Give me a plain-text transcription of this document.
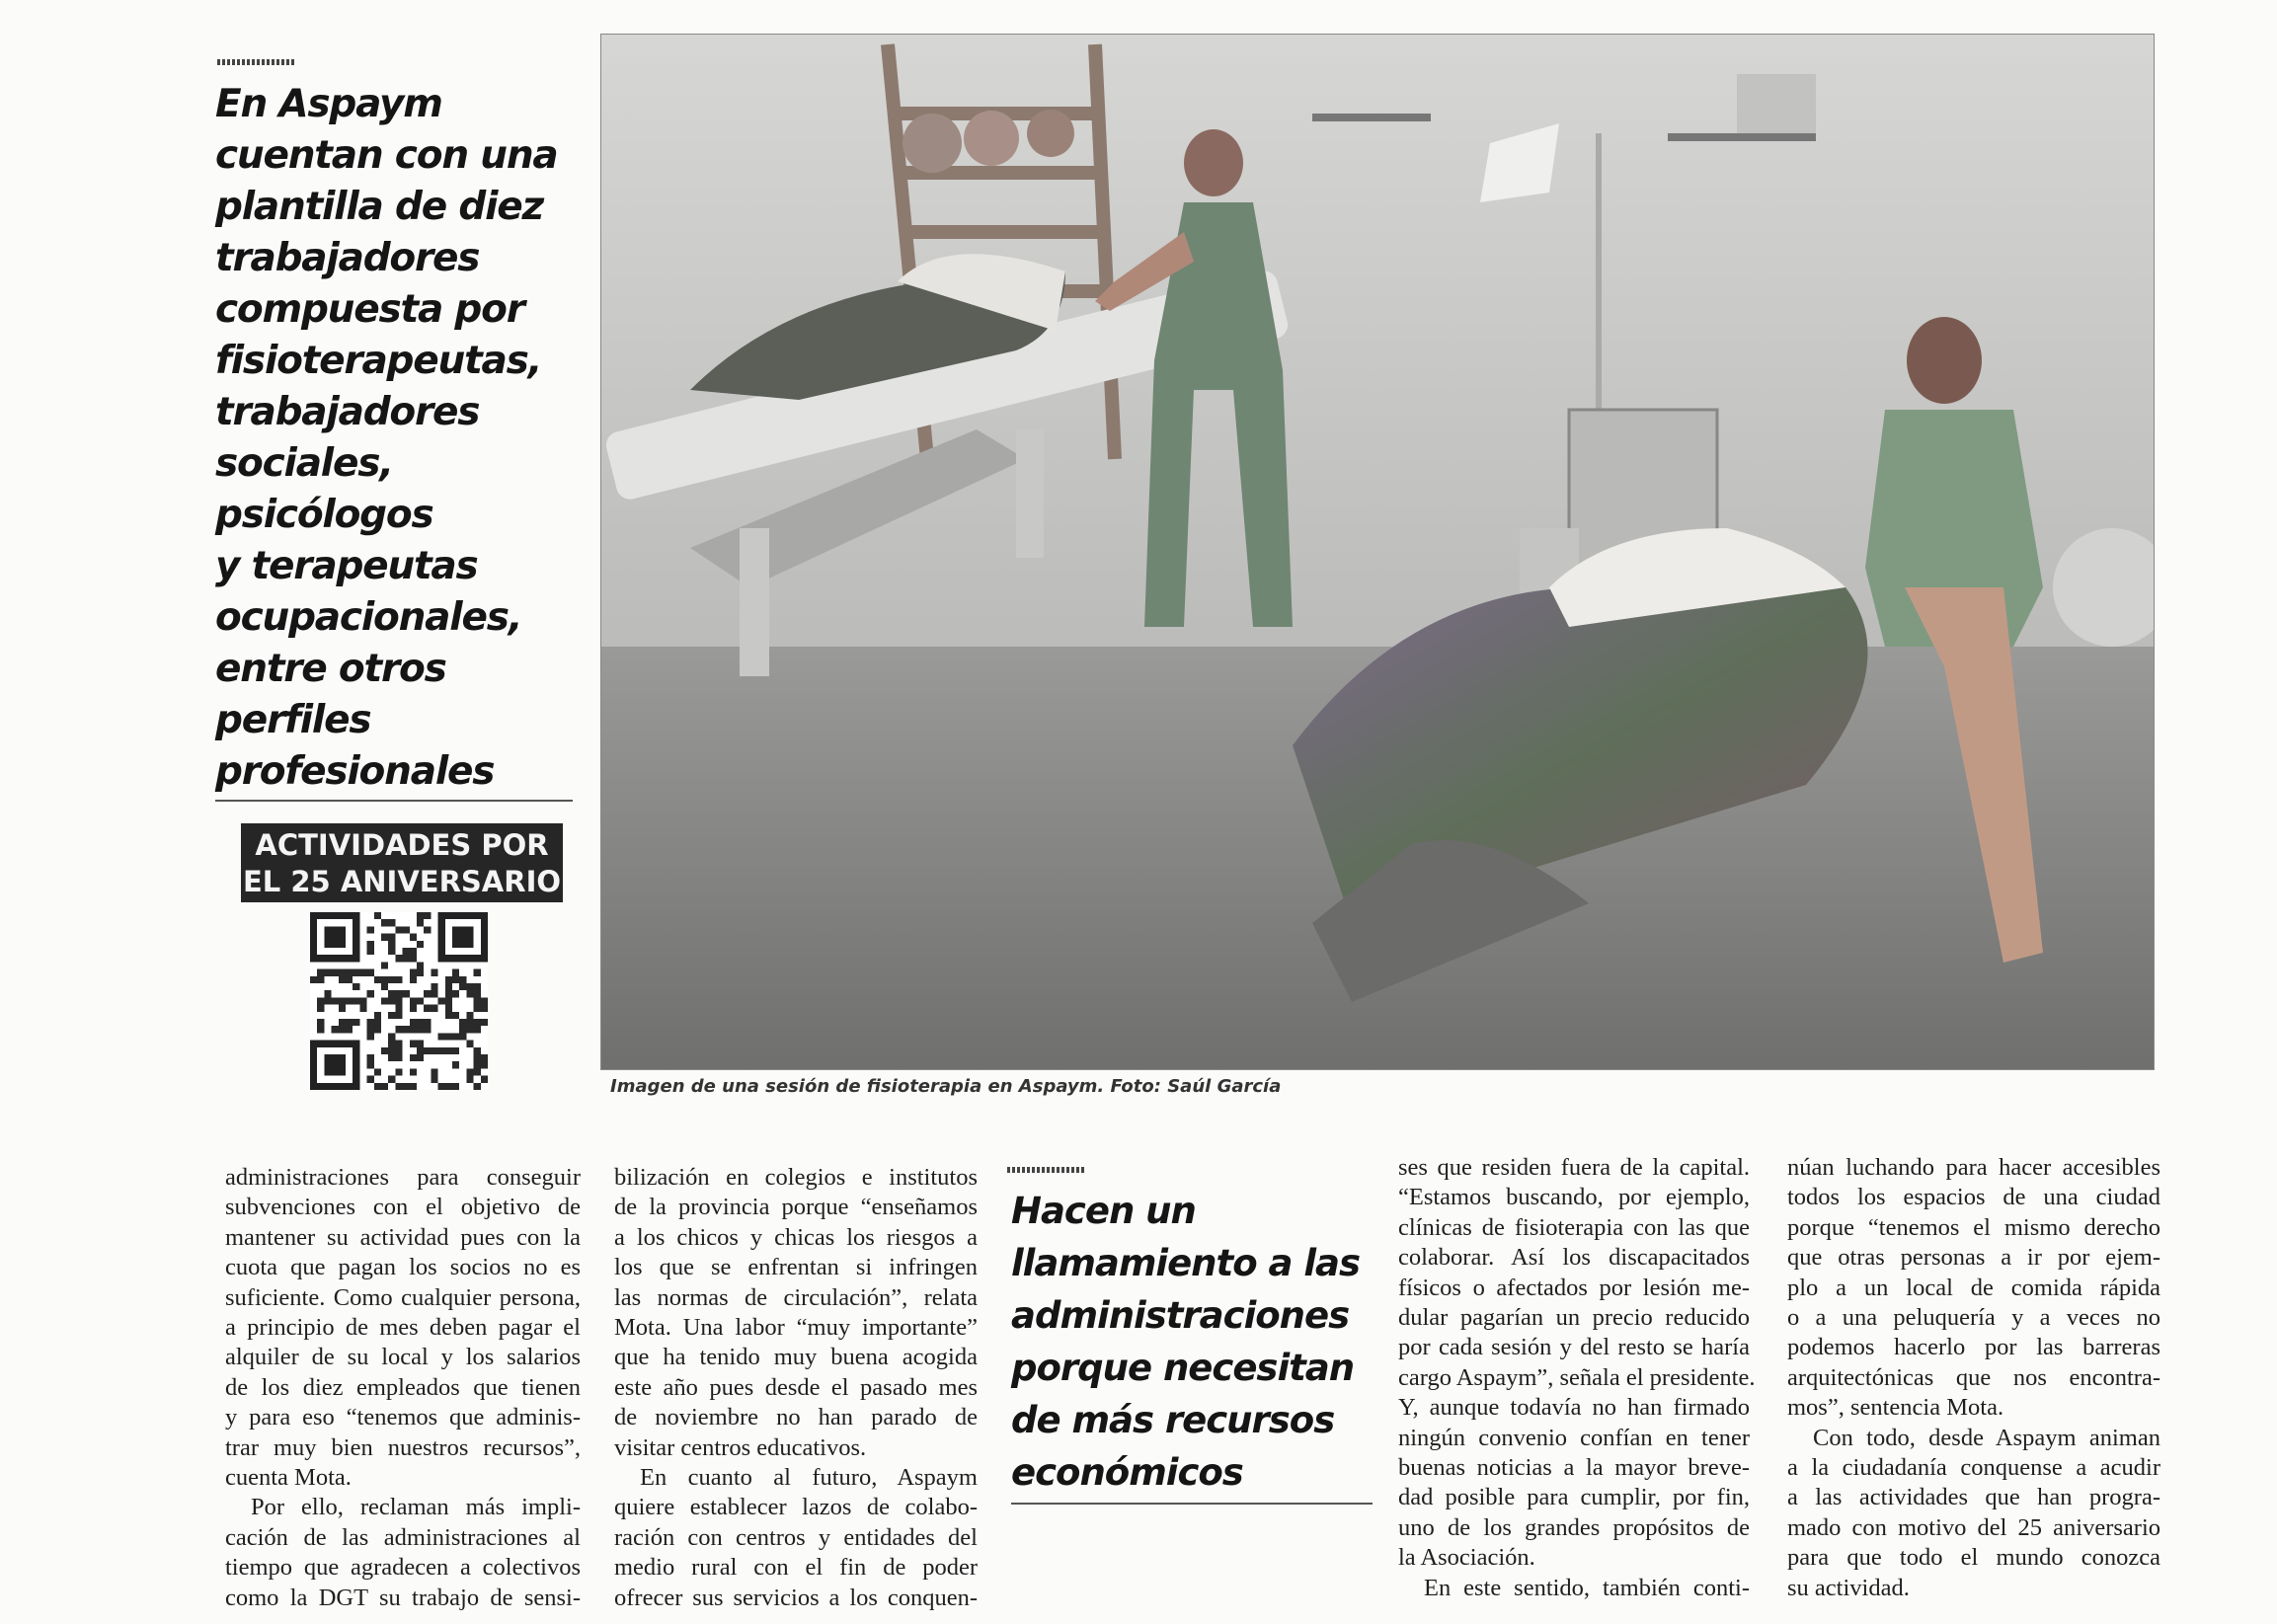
En Aspaym
cuentan con una
plantilla de diez
trabajadores
compuesta por
fisioterapeutas,
trabajadores
sociales,
psicólogos
y terapeutas
ocupacionales,
entre otros
perfiles
profesionales
ACTIVIDADES POR
EL 25 ANIVERSARIO
Imagen de una sesión de fisioterapia en Aspaym. Foto: Saúl García
administraciones para conseguir
subvenciones con el objetivo de
mantener su actividad pues con la
cuota que pagan los socios no es
suficiente. Como cualquier persona,
a principio de mes deben pagar el
alquiler de su local y los salarios
de los diez empleados que tienen
y para eso “tenemos que adminis-
trar muy bien nuestros recursos”,
cuenta Mota.
Por ello, reclaman más impli-
cación de las administraciones al
tiempo que agradecen a colectivos
como la DGT su trabajo de sensi-
bilización en colegios e institutos
de la provincia porque “enseñamos
a los chicos y chicas los riesgos a
los que se enfrentan si infringen
las normas de circulación”, relata
Mota. Una labor “muy importante”
que ha tenido muy buena acogida
este año pues desde el pasado mes
de noviembre no han parado de
visitar centros educativos.
En cuanto al futuro, Aspaym
quiere establecer lazos de colabo-
ración con centros y entidades del
medio rural con el fin de poder
ofrecer sus servicios a los conquen-
Hacen un
llamamiento a las
administraciones
porque necesitan
de más recursos
económicos
ses que residen fuera de la capital.
“Estamos buscando, por ejemplo,
clínicas de fisioterapia con las que
colaborar. Así los discapacitados
físicos o afectados por lesión me-
dular pagarían un precio reducido
por cada sesión y del resto se haría
cargo Aspaym”, señala el presidente.
Y, aunque todavía no han firmado
ningún convenio confían en tener
buenas noticias a la mayor breve-
dad posible para cumplir, por fin,
uno de los grandes propósitos de
la Asociación.
En este sentido, también conti-
núan luchando para hacer accesibles
todos los espacios de una ciudad
porque “tenemos el mismo derecho
que otras personas a ir por ejem-
plo a un local de comida rápida
o a una peluquería y a veces no
podemos hacerlo por las barreras
arquitectónicas que nos encontra-
mos”, sentencia Mota.
Con todo, desde Aspaym animan
a la ciudadanía conquense a acudir
a las actividades que han progra-
mado con motivo del 25 aniversario
para que todo el mundo conozca
su actividad.
